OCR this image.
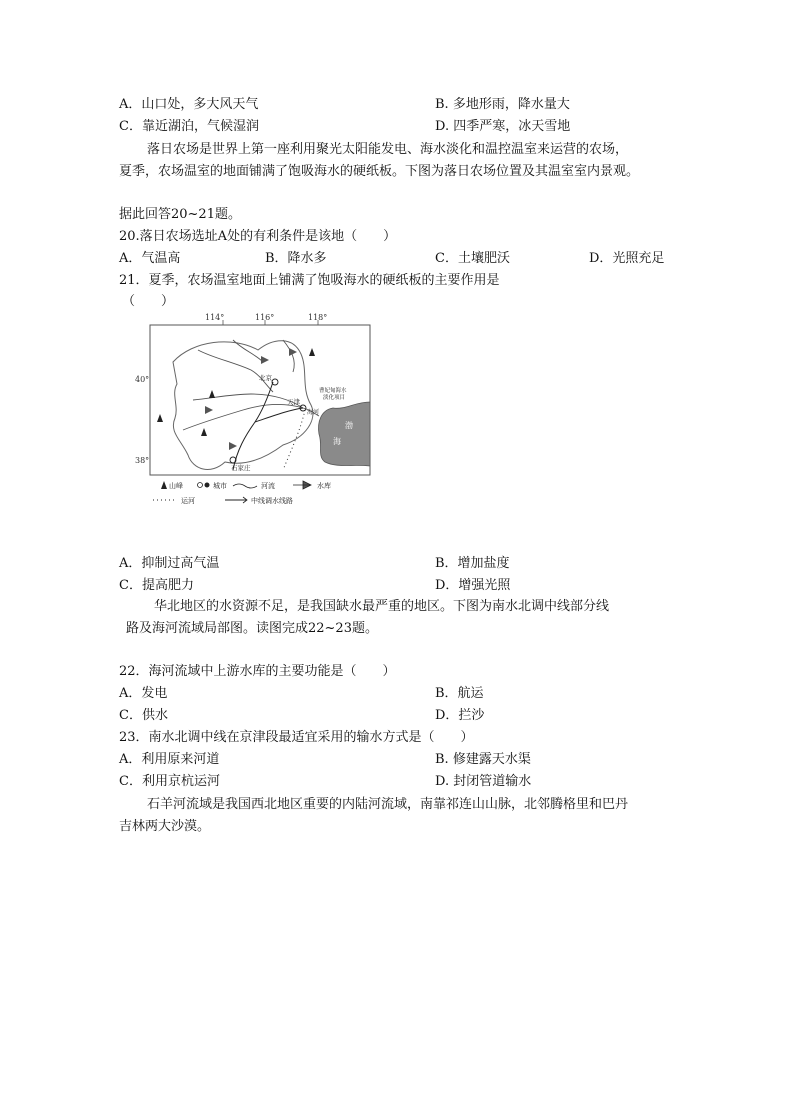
A．山口处，多大风天气	B. 多地形雨，降水量大
C．靠近湖泊，气候湿润	D. 四季严寒，冰天雪地
落日农场是世界上第一座利用聚光太阳能发电、海水淡化和温控温室来运营的农场，
夏季，农场温室的地面铺满了饱吸海水的硬纸板。下图为落日农场位置及其温室室内景观。
据此回答20~21题。
20.落日农场选址A处的有利条件是该地（　　）
A．气温高	B．降水多	C．土壤肥沃	D．光照充足
21．夏季，农场温室地面上铺满了饱吸海水的硬纸板的主要作用是
（　　）
114°	116°	118°
40°
38°
渤
海
北京
天津
海河
石家庄
曹妃甸海水
淡化项目
山峰	城市	河流	水库
运河	中线调水线路
A．抑制过高气温	B．增加盐度
C．提高肥力	D．增强光照
华北地区的水资源不足，是我国缺水最严重的地区。下图为南水北调中线部分线
路及海河流域局部图。读图完成22~23题。
22．海河流域中上游水库的主要功能是（　　）
A．发电	B．航运
C．供水	D．拦沙
23．南水北调中线在京津段最适宜采用的输水方式是（　　）
A．利用原来河道	B. 修建露天水渠
C．利用京杭运河	D. 封闭管道输水
石羊河流域是我国西北地区重要的内陆河流域，南靠祁连山山脉，北邻腾格里和巴丹
吉林两大沙漠。
